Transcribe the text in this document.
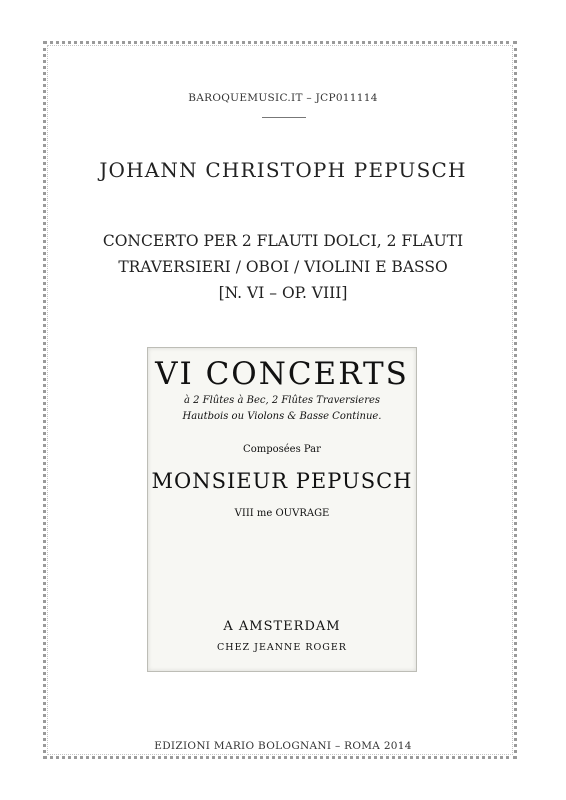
BAROQUEMUSIC.IT – JCP011114
JOHANN CHRISTOPH PEPUSCH
CONCERTO PER 2 FLAUTI DOLCI, 2 FLAUTI
TRAVERSIERI / OBOI / VIOLINI E BASSO
[N. VI – OP. VIII]
VI CONCERTS
à 2 Flûtes à Bec, 2 Flûtes Traversieres
Hautbois ou Violons & Basse Continue.
Composées Par
MONSIEUR PEPUSCH
VIII me OUVRAGE
A AMSTERDAM
CHEZ JEANNE ROGER
EDIZIONI MARIO BOLOGNANI – ROMA 2014
